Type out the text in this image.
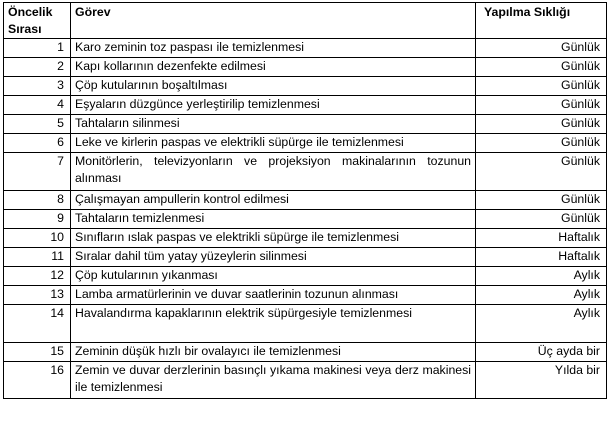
Öncelik
Sırası	Görev	Yapılma Sıklığı
1	Karo zeminin toz paspası ile temizlenmesi	Günlük
2	Kapı kollarının dezenfekte edilmesi	Günlük
3	Çöp kutularının boşaltılması	Günlük
4	Eşyaların düzgünce yerleştirilip temizlenmesi	Günlük
5	Tahtaların silinmesi	Günlük
6	Leke ve kirlerin paspas ve elektrikli süpürge ile temizlenmesi	Günlük
7	Monitörlerin, televizyonların ve projeksiyon makinalarının tozunun alınması	Günlük
8	Çalışmayan ampullerin kontrol edilmesi	Günlük
9	Tahtaların temizlenmesi	Günlük
10	Sınıfların ıslak paspas ve elektrikli süpürge ile temizlenmesi	Haftalık
11	Sıralar dahil tüm yatay yüzeylerin silinmesi	Haftalık
12	Çöp kutularının yıkanması	Aylık
13	Lamba armatürlerinin ve duvar saatlerinin tozunun alınması	Aylık
14	Havalandırma kapaklarının elektrik süpürgesiyle temizlenmesi	Aylık
15	Zeminin düşük hızlı bir ovalayıcı ile temizlenmesi	Üç ayda bir
16	Zemin ve duvar derzlerinin basınçlı yıkama makinesi veya derz makinesi ile temizlenmesi	Yılda bir
